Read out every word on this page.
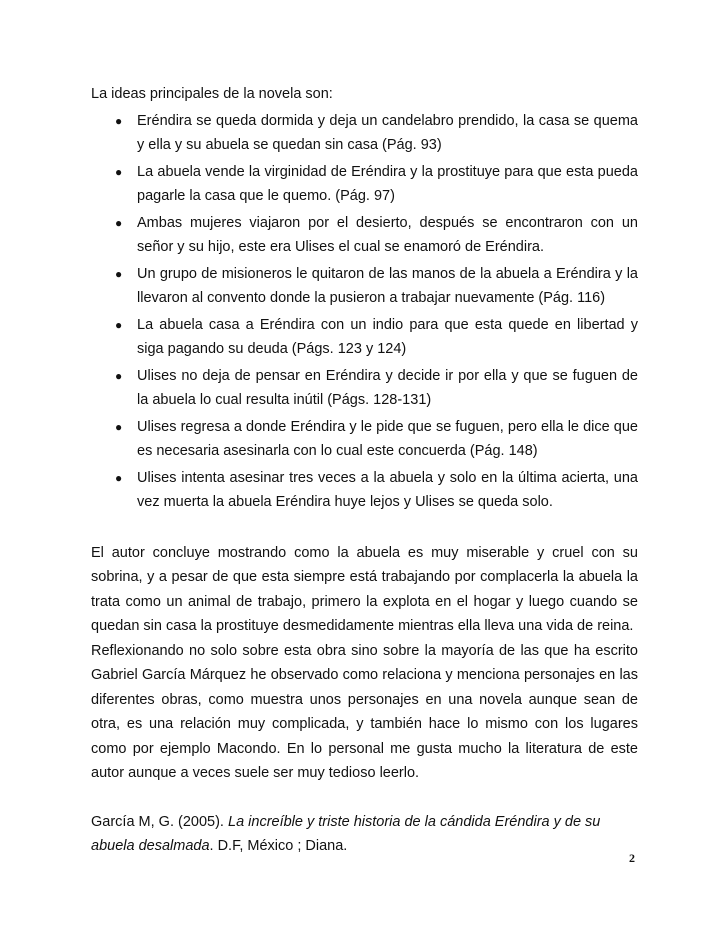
La ideas principales de la novela son:

● Eréndira se queda dormida y deja un candelabro prendido, la casa se quema y ella y su abuela se quedan sin casa (Pág. 93)
● La abuela vende la virginidad de Eréndira y la prostituye para que esta pueda pagarle la casa que le quemo. (Pág. 97)
● Ambas mujeres viajaron por el desierto, después se encontraron con un señor y su hijo, este era Ulises el cual se enamoró de Eréndira.
● Un grupo de misioneros le quitaron de las manos de la abuela a Eréndira y la llevaron al convento donde la pusieron a trabajar nuevamente (Pág. 116)
● La abuela casa a Eréndira con un indio para que esta quede en libertad y siga pagando su deuda (Págs. 123 y 124)
● Ulises no deja de pensar en Eréndira y decide ir por ella y que se fuguen de la abuela lo cual resulta inútil (Págs. 128-131)
● Ulises regresa a donde Eréndira y le pide que se fuguen, pero ella le dice que es necesaria asesinarla con lo cual este concuerda (Pág. 148)
● Ulises intenta asesinar tres veces a la abuela y solo en la última acierta, una vez muerta la abuela Eréndira huye lejos y Ulises se queda solo.

El autor concluye mostrando como la abuela es muy miserable y cruel con su sobrina, y a pesar de que esta siempre está trabajando por complacerla la abuela la trata como un animal de trabajo, primero la explota en el hogar y luego cuando se quedan sin casa la prostituye desmedidamente mientras ella lleva una vida de reina.

Reflexionando no solo sobre esta obra sino sobre la mayoría de las que ha escrito Gabriel García Márquez he observado como relaciona y menciona personajes en las diferentes obras, como muestra unos personajes en una novela aunque sean de otra, es una relación muy complicada, y también hace lo mismo con los lugares como por ejemplo Macondo. En lo personal me gusta mucho la literatura de este autor aunque a veces suele ser muy tedioso leerlo.

García M, G. (2005). La increíble y triste historia de la cándida Eréndira y de su abuela desalmada. D.F, México ; Diana.

2
